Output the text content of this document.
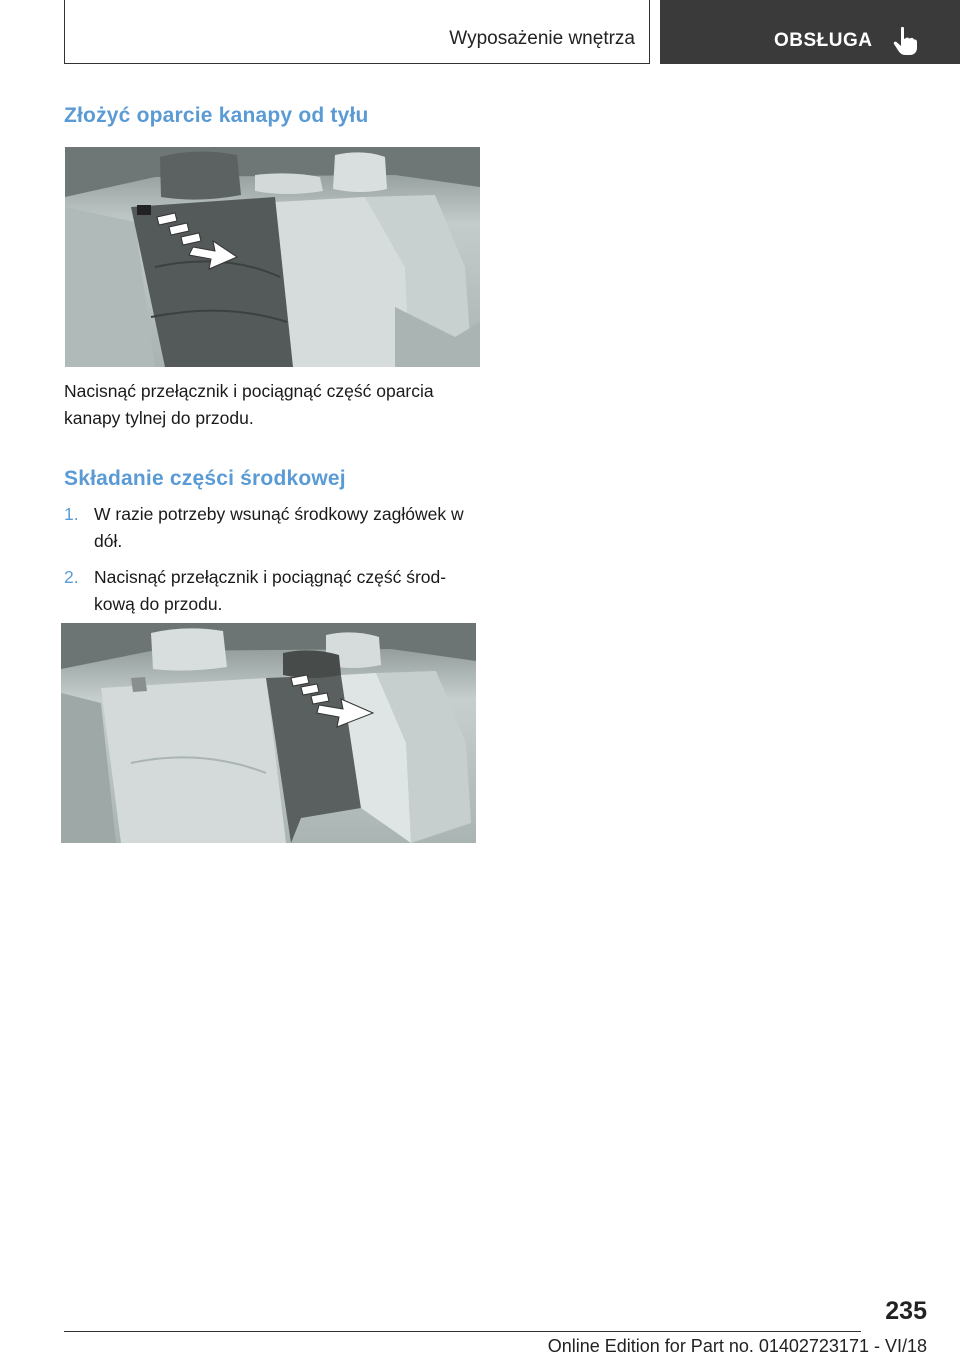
Wyposażenie wnętrza	OBSŁUGA
Złożyć oparcie kanapy od tyłu
Nacisnąć przełącznik i pociągnąć część oparcia kanapy tylnej do przodu.
Składanie części środkowej
1. W razie potrzeby wsunąć środkowy zagłówek w dół.
2. Nacisnąć przełącznik i pociągnąć część środ-kową do przodu.
235
Online Edition for Part no. 01402723171 - VI/18
